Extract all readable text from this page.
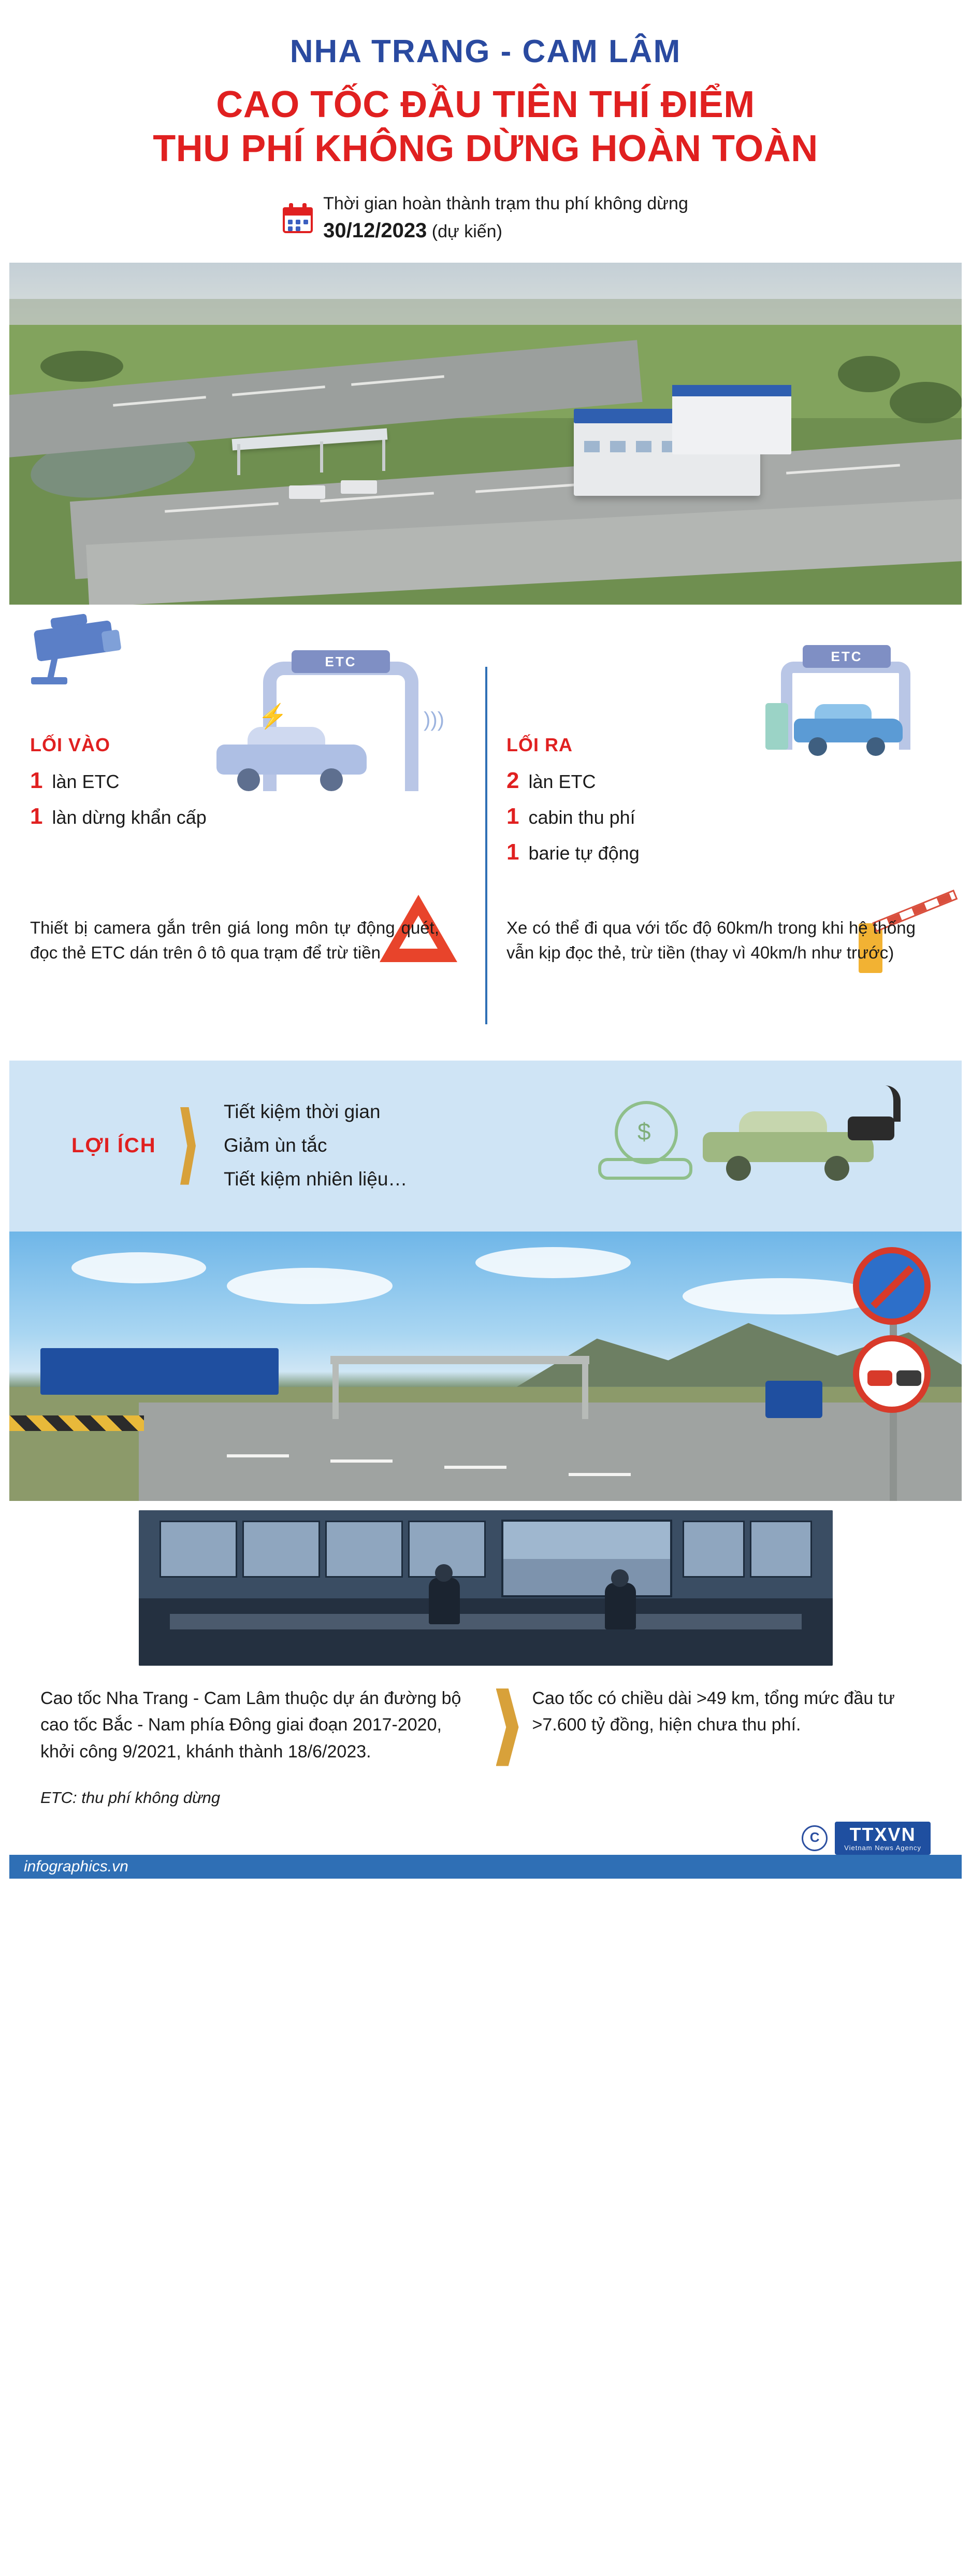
NHA TRANG - CAM LÂM
CAO TỐC ĐẦU TIÊN THÍ ĐIỂM
THU PHÍ KHÔNG DỪNG HOÀN TOÀN
Thời gian hoàn thành trạm thu phí không dừng
30/12/2023 (dự kiến)
ETC
)))
⚡
ETC
LỐI VÀO
1 làn ETC
1 làn dừng khẩn cấp
LỐI RA
2 làn ETC
1 cabin thu phí
1 barie tự động

Thiết bị camera gắn trên giá long môn tự động quét, đọc thẻ ETC dán trên ô tô qua trạm để trừ tiền

Xe có thể đi qua với tốc độ 60km/h trong khi hệ thống vẫn kịp đọc thẻ, trừ tiền (thay vì 40km/h như trước)

LỢI ÍCH
Tiết kiệm thời gian
Giảm ùn tắc
Tiết kiệm nhiên liệu…
$

Cao tốc Nha Trang - Cam Lâm thuộc dự án đường bộ cao tốc Bắc - Nam phía Đông giai đoạn 2017-2020, khởi công 9/2021, khánh thành 18/6/2023.

Cao tốc có chiều dài >49 km, tổng mức đầu tư >7.600 tỷ đồng, hiện chưa thu phí.

ETC: thu phí không dừng
C	TTXVN
Vietnam News Agency
infographics.vn
